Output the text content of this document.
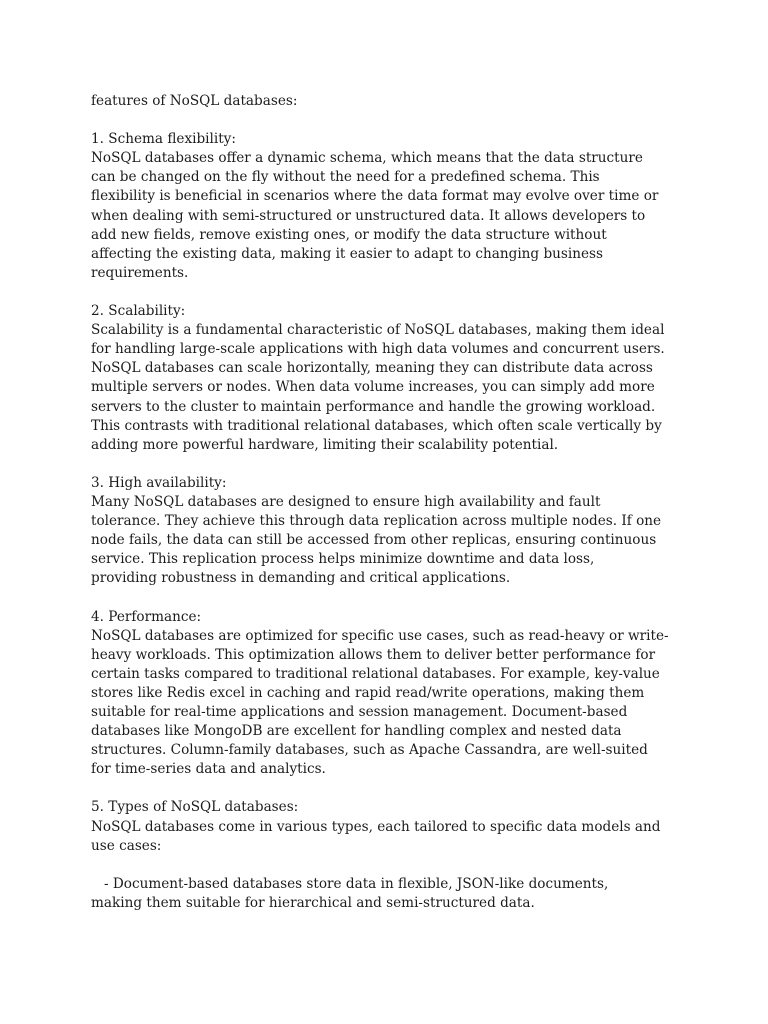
features of NoSQL databases:
1. Schema flexibility:
NoSQL databases offer a dynamic schema, which means that the data structure
can be changed on the fly without the need for a predefined schema. This
flexibility is beneficial in scenarios where the data format may evolve over time or
when dealing with semi-structured or unstructured data. It allows developers to
add new fields, remove existing ones, or modify the data structure without
affecting the existing data, making it easier to adapt to changing business
requirements.
2. Scalability:
Scalability is a fundamental characteristic of NoSQL databases, making them ideal
for handling large-scale applications with high data volumes and concurrent users.
NoSQL databases can scale horizontally, meaning they can distribute data across
multiple servers or nodes. When data volume increases, you can simply add more
servers to the cluster to maintain performance and handle the growing workload.
This contrasts with traditional relational databases, which often scale vertically by
adding more powerful hardware, limiting their scalability potential.
3. High availability:
Many NoSQL databases are designed to ensure high availability and fault
tolerance. They achieve this through data replication across multiple nodes. If one
node fails, the data can still be accessed from other replicas, ensuring continuous
service. This replication process helps minimize downtime and data loss,
providing robustness in demanding and critical applications.
4. Performance:
NoSQL databases are optimized for specific use cases, such as read-heavy or write-
heavy workloads. This optimization allows them to deliver better performance for
certain tasks compared to traditional relational databases. For example, key-value
stores like Redis excel in caching and rapid read/write operations, making them
suitable for real-time applications and session management. Document-based
databases like MongoDB are excellent for handling complex and nested data
structures. Column-family databases, such as Apache Cassandra, are well-suited
for time-series data and analytics.
5. Types of NoSQL databases:
NoSQL databases come in various types, each tailored to specific data models and
use cases:
- Document-based databases store data in flexible, JSON-like documents,
making them suitable for hierarchical and semi-structured data.
